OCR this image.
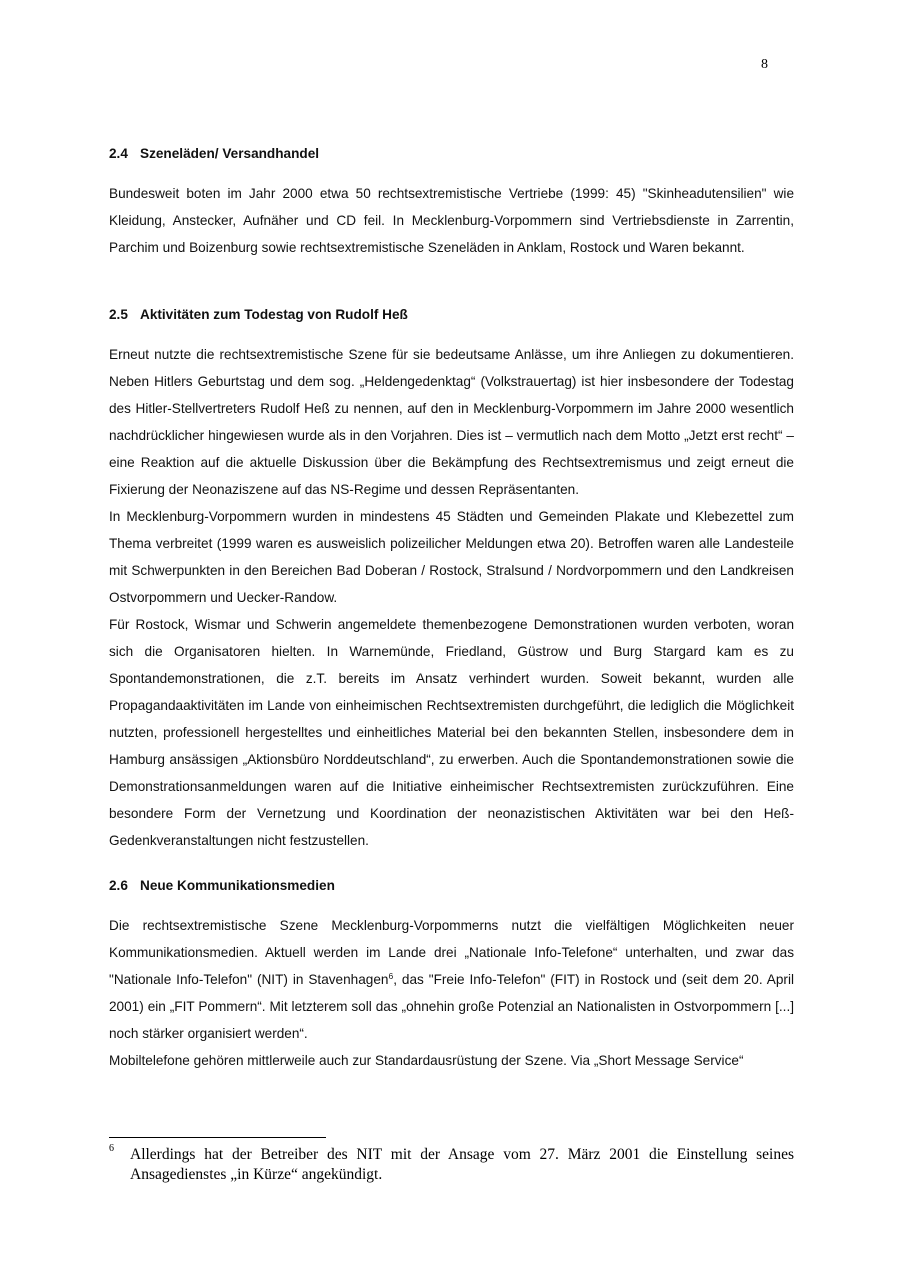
8
2.4 Szeneläden/ Versandhandel

Bundesweit boten im Jahr 2000 etwa 50 rechtsextremistische Vertriebe (1999: 45) "Skinheadutensilien" wie Kleidung, Anstecker, Aufnäher und CD feil. In Mecklenburg-Vorpommern sind Vertriebsdienste in Zarrentin, Parchim und Boizenburg sowie rechtsextremistische Szeneläden in Anklam, Rostock und Waren bekannt.

2.5 Aktivitäten zum Todestag von Rudolf Heß

Erneut nutzte die rechtsextremistische Szene für sie bedeutsame Anlässe, um ihre Anliegen zu dokumentieren. Neben Hitlers Geburtstag und dem sog. „Heldengedenktag“ (Volkstrauertag) ist hier insbesondere der Todestag des Hitler-Stellvertreters Rudolf Heß zu nennen, auf den in Mecklenburg-Vorpommern im Jahre 2000 wesentlich nachdrücklicher hingewiesen wurde als in den Vorjahren. Dies ist – vermutlich nach dem Motto „Jetzt erst recht“ – eine Reaktion auf die aktuelle Diskussion über die Bekämpfung des Rechtsextremismus und zeigt erneut die Fixierung der Neonaziszene auf das NS-Regime und dessen Repräsentanten.

In Mecklenburg-Vorpommern wurden in mindestens 45 Städten und Gemeinden Plakate und Klebezettel zum Thema verbreitet (1999 waren es ausweislich polizeilicher Meldungen etwa 20). Betroffen waren alle Landesteile mit Schwerpunkten in den Bereichen Bad Doberan / Rostock, Stralsund / Nordvorpommern und den Landkreisen Ostvorpommern und Uecker-Randow.

Für Rostock, Wismar und Schwerin angemeldete themenbezogene Demonstrationen wurden verboten, woran sich die Organisatoren hielten. In Warnemünde, Friedland, Güstrow und Burg Stargard kam es zu Spontandemonstrationen, die z.T. bereits im Ansatz verhindert wurden. Soweit bekannt, wurden alle Propagandaaktivitäten im Lande von einheimischen Rechtsextremisten durchgeführt, die lediglich die Möglichkeit nutzten, professionell hergestelltes und einheitliches Material bei den bekannten Stellen, insbesondere dem in Hamburg ansässigen „Aktionsbüro Norddeutschland“, zu erwerben. Auch die Spontandemonstrationen sowie die Demonstrationsanmeldungen waren auf die Initiative einheimischer Rechtsextremisten zurückzuführen. Eine besondere Form der Vernetzung und Koordination der neonazistischen Aktivitäten war bei den Heß-Gedenkveranstaltungen nicht festzustellen.

2.6 Neue Kommunikationsmedien

Die rechtsextremistische Szene Mecklenburg-Vorpommerns nutzt die vielfältigen Möglichkeiten neuer Kommunikationsmedien. Aktuell werden im Lande drei „Nationale Info-Telefone“ unterhalten, und zwar das "Nationale Info-Telefon" (NIT) in Stavenhagen$^6$, das "Freie Info-Telefon" (FIT) in Rostock und (seit dem 20. April 2001) ein „FIT Pommern“. Mit letzterem soll das „ohnehin große Potenzial an Nationalisten in Ostvorpommern [...] noch stärker organisiert werden“.

Mobiltelefone gehören mittlerweile auch zur Standardausrüstung der Szene. Via „Short Message Service“

6 Allerdings hat der Betreiber des NIT mit der Ansage vom 27. März 2001 die Einstellung seines Ansagedienstes „in Kürze“ angekündigt.
